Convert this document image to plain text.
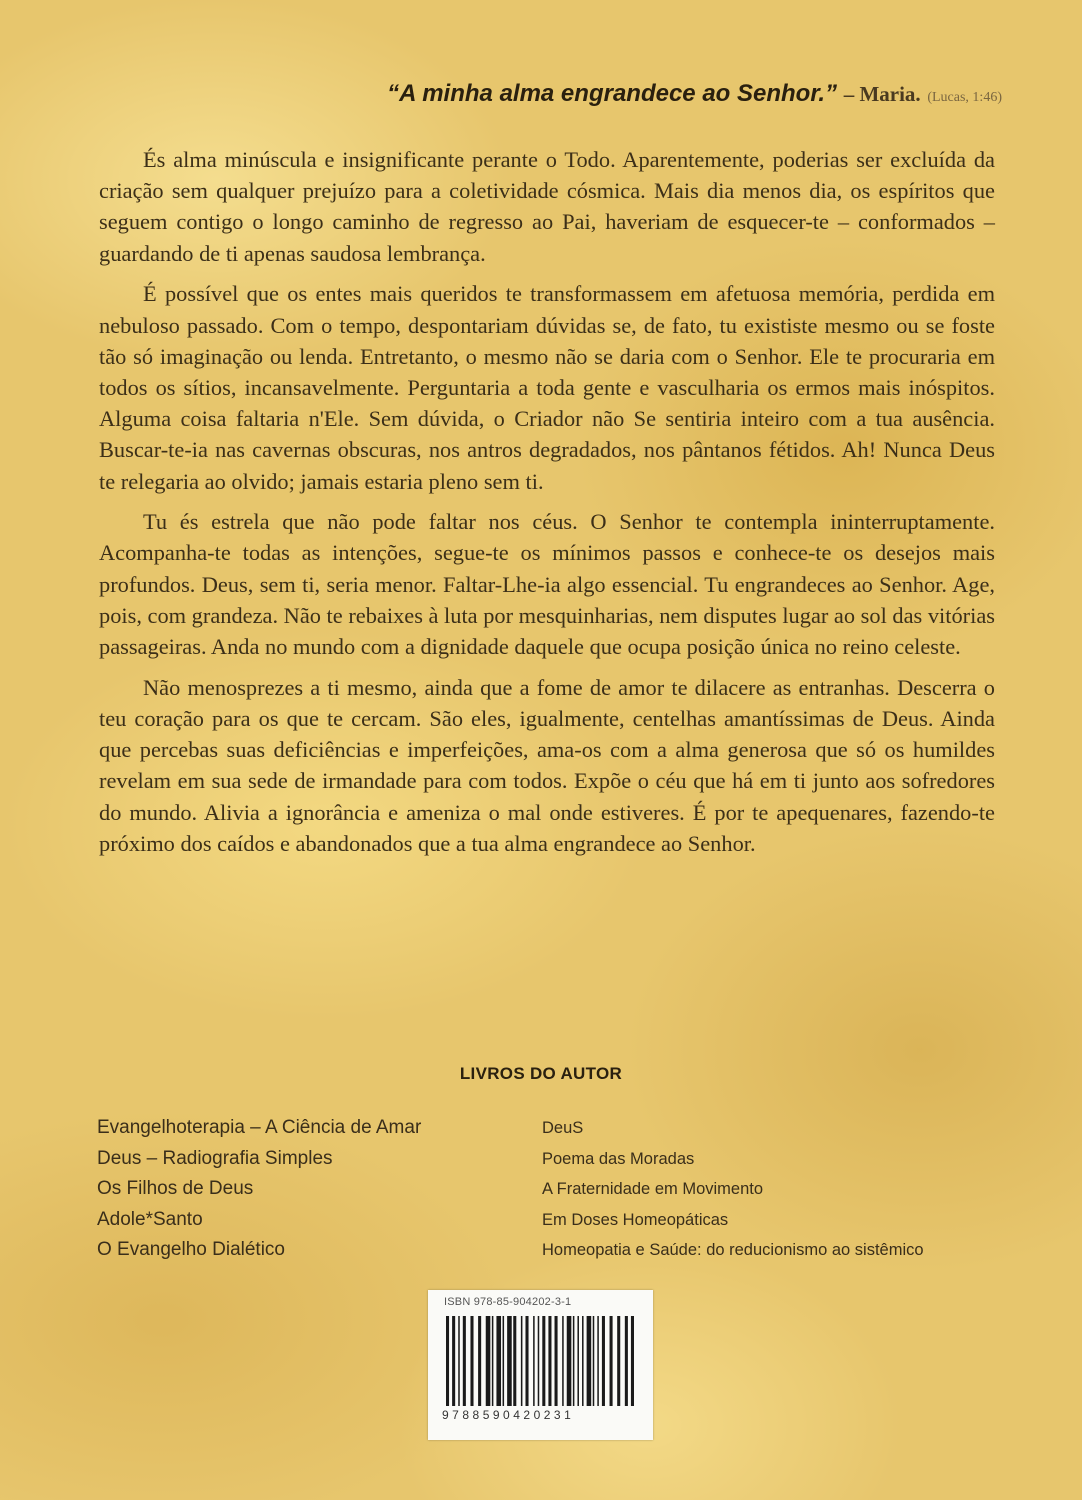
“A minha alma engrandece ao Senhor.” – Maria. (Lucas, 1:46)

És alma minúscula e insignificante perante o Todo. Aparentemente, poderias ser excluída da criação sem qualquer prejuízo para a coletividade cósmica. Mais dia menos dia, os espíritos que seguem contigo o longo caminho de regresso ao Pai, haveriam de esquecer-te – conformados – guardando de ti apenas saudosa lembrança.

É possível que os entes mais queridos te transformassem em afetuosa memória, perdida em nebuloso passado. Com o tempo, despontariam dúvidas se, de fato, tu exististe mesmo ou se foste tão só imaginação ou lenda. Entretanto, o mesmo não se daria com o Senhor. Ele te procuraria em todos os sítios, incansavelmente. Perguntaria a toda gente e vasculharia os ermos mais inóspitos. Alguma coisa faltaria n'Ele. Sem dúvida, o Criador não Se sentiria inteiro com a tua ausência. Buscar-te-ia nas cavernas obscuras, nos antros degradados, nos pântanos fétidos. Ah! Nunca Deus te relegaria ao olvido; jamais estaria pleno sem ti.

Tu és estrela que não pode faltar nos céus. O Senhor te contempla ininterruptamente. Acompanha-te todas as intenções, segue-te os mínimos passos e conhece-te os desejos mais profundos. Deus, sem ti, seria menor. Faltar-Lhe-ia algo essencial. Tu engrandeces ao Senhor. Age, pois, com grandeza. Não te rebaixes à luta por mesquinharias, nem disputes lugar ao sol das vitórias passageiras. Anda no mundo com a dignidade daquele que ocupa posição única no reino celeste.

Não menosprezes a ti mesmo, ainda que a fome de amor te dilacere as entranhas. Descerra o teu coração para os que te cercam. São eles, igualmente, centelhas amantíssimas de Deus. Ainda que percebas suas deficiências e imperfeições, ama-os com a alma generosa que só os humildes revelam em sua sede de irmandade para com todos. Expõe o céu que há em ti junto aos sofredores do mundo. Alivia a ignorância e ameniza o mal onde estiveres. É por te apequenares, fazendo-te próximo dos caídos e abandonados que a tua alma engrandece ao Senhor.

LIVROS DO AUTOR
Evangelhoterapia – A Ciência de Amar
Deus – Radiografia Simples
Os Filhos de Deus
Adole*Santo
O Evangelho Dialético
DeuS
Poema das Moradas
A Fraternidade em Movimento
Em Doses Homeopáticas
Homeopatia e Saúde: do reducionismo ao sistêmico
ISBN 978-85-904202-3-1
9788590420231
